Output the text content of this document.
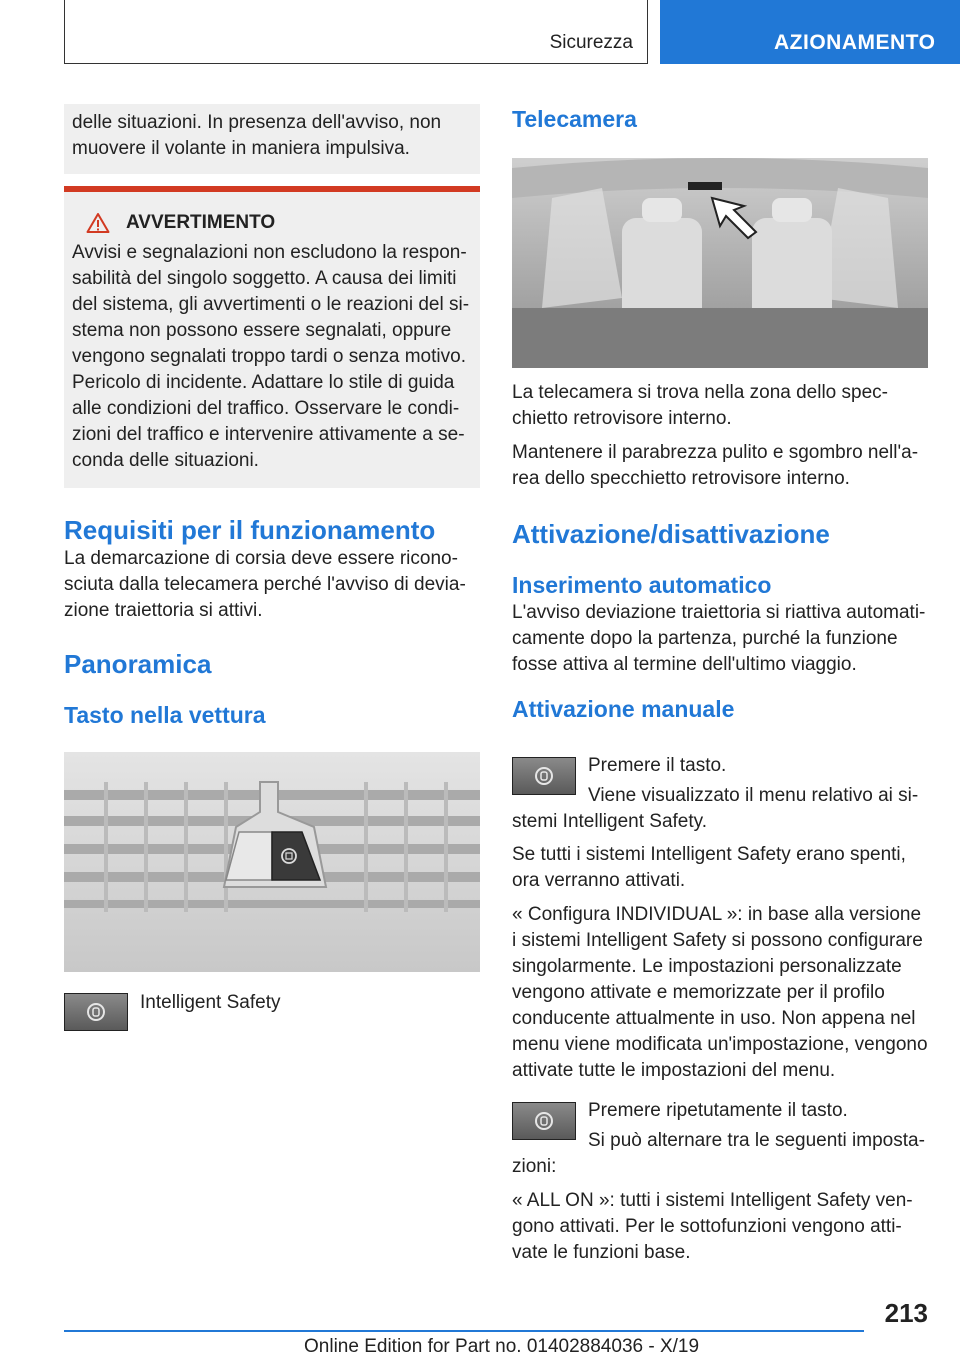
Sicurezza	AZIONAMENTO
delle situazioni. In presenza dell'avviso, non muovere il volante in maniera impulsiva.
AVVERTIMENTO
Avvisi e segnalazioni non escludono la responsabilità del singolo soggetto. A causa dei limiti del sistema, gli avvertimenti o le reazioni del sistema non possono essere segnalati, oppure vengono segnalati troppo tardi o senza motivo. Pericolo di incidente. Adattare lo stile di guida alle condizioni del traffico. Osservare le condizioni del traffico e intervenire attivamente a seconda delle situazioni.
Requisiti per il funzionamento

La demarcazione di corsia deve essere riconosciuta dalla telecamera perché l'avviso di deviazione traiettoria si attivi.

Panoramica
Tasto nella vettura
Intelligent Safety
Telecamera

La telecamera si trova nella zona dello specchietto retrovisore interno.

Mantenere il parabrezza pulito e sgombro nell'area dello specchietto retrovisore interno.

Attivazione/disattivazione
Inserimento automatico

L'avviso deviazione traiettoria si riattiva automaticamente dopo la partenza, purché la funzione fosse attiva al termine dell'ultimo viaggio.

Attivazione manuale
Premere il tasto.
Viene visualizzato il menu relativo ai sistemi Intelligent Safety.

Se tutti i sistemi Intelligent Safety erano spenti, ora verranno attivati.

« Configura INDIVIDUAL »: in base alla versione i sistemi Intelligent Safety si possono configurare singolarmente. Le impostazioni personalizzate vengono attivate e memorizzate per il profilo conducente attualmente in uso. Non appena nel menu viene modificata un'impostazione, vengono attivate tutte le impostazioni del menu.

Premere ripetutamente il tasto.
Si può alternare tra le seguenti impostazioni:
« ALL ON »: tutti i sistemi Intelligent Safety vengono attivati. Per le sottofunzioni vengono attivate le funzioni base.
213
Online Edition for Part no. 01402884036 - X/19
